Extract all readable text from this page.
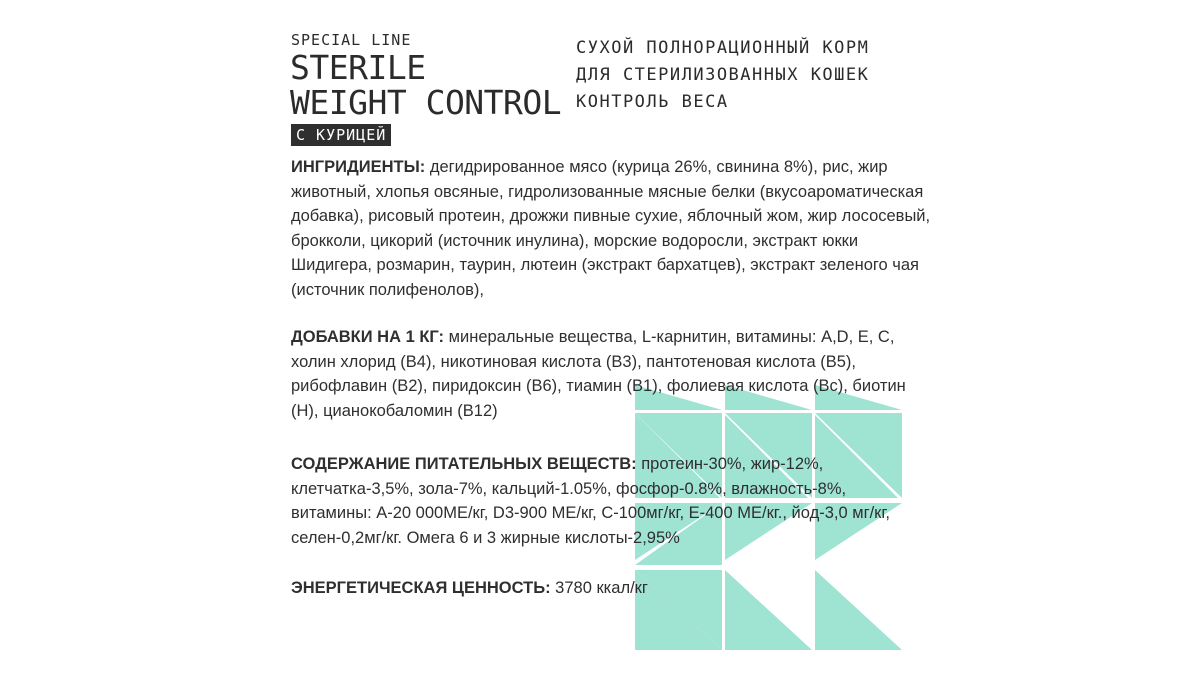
SPECIAL LINE
STERILE
WEIGHT CONTROL
С КУРИЦЕЙ
СУХОЙ ПОЛНОРАЦИОННЫЙ КОРМ
ДЛЯ СТЕРИЛИЗОВАННЫХ КОШЕК
КОНТРОЛЬ ВЕСА

ИНГРИДИЕНТЫ: дегидрированное мясо (курица 26%, свинина 8%), рис, жир животный, хлопья овсяные, гидролизованные мясные белки (вкусоароматическая добавка), рисовый протеин, дрожжи пивные сухие, яблочный жом, жир лососевый, брокколи, цикорий (источник инулина), морские водоросли, экстракт юкки Шидигера, розмарин, таурин, лютеин (экстракт бархатцев), экстракт зеленого чая (источник полифенолов),

ДОБАВКИ НА 1 КГ: минеральные вещества, L-карнитин, витамины: A,D, E, C, холин хлорид (B4), никотиновая кислота (B3), пантотеновая кислота (B5), рибофлавин (B2), пиридоксин (B6), тиамин (B1), фолиевая кислота (Bc), биотин (H), цианокобаломин (B12)

СОДЕРЖАНИЕ ПИТАТЕЛЬНЫХ ВЕЩЕСТВ: протеин-30%, жир-12%, клетчатка-3,5%, зола-7%, кальций-1.05%, фосфор-0.8%, влажность-8%, витамины: А-20 000МЕ/кг, D3-900 МЕ/кг, С-100мг/кг, Е-400 МЕ/кг., йод-3,0 мг/кг, селен-0,2мг/кг. Омега 6 и 3 жирные кислоты-2,95%

ЭНЕРГЕТИЧЕСКАЯ ЦЕННОСТЬ: 3780 ккал/кг
